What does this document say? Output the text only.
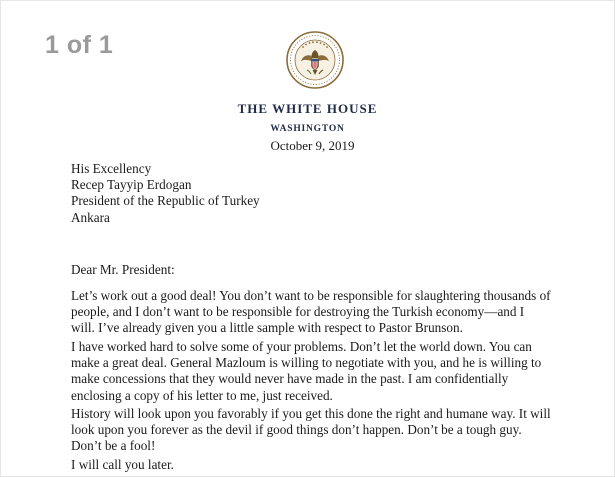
1 of 1
THE WHITE HOUSE
WASHINGTON
October 9, 2019
His Excellency
Recep Tayyip Erdogan
President of the Republic of Turkey
Ankara
Dear Mr. President:

Let’s work out a good deal! You don’t want to be responsible for slaughtering thousands of people, and I don’t want to be responsible for destroying the Turkish economy—and I will. I’ve already given you a little sample with respect to Pastor Brunson.

I have worked hard to solve some of your problems. Don’t let the world down. You can make a great deal. General Mazloum is willing to negotiate with you, and he is willing to make concessions that they would never have made in the past. I am confidentially enclosing a copy of his letter to me, just received.

History will look upon you favorably if you get this done the right and humane way. It will look upon you forever as the devil if good things don’t happen. Don’t be a tough guy. Don’t be a fool!

I will call you later.
